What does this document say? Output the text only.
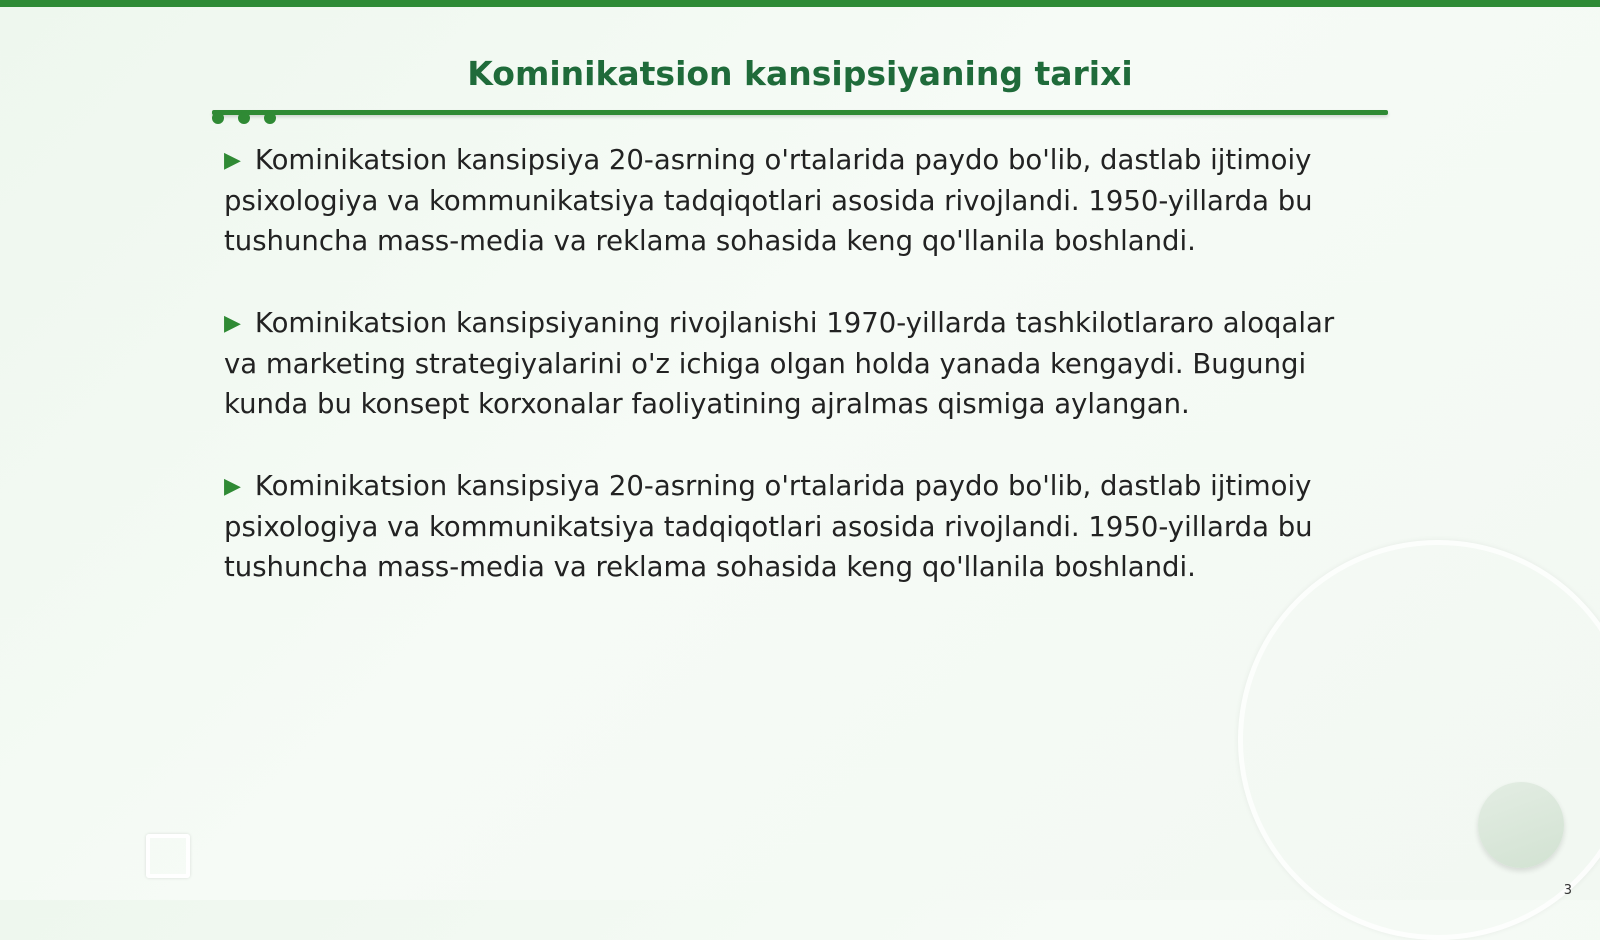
Kominikatsion kansipsiyaning tarixi

▶ Kominikatsion kansipsiya 20-asrning o'rtalarida paydo bo'lib, dastlab ijtimoiy psixologiya va kommunikatsiya tadqiqotlari asosida rivojlandi. 1950-yillarda bu tushuncha mass-media va reklama sohasida keng qo'llanila boshlandi.

▶ Kominikatsion kansipsiyaning rivojlanishi 1970-yillarda tashkilotlararo aloqalar va marketing strategiyalarini o'z ichiga olgan holda yanada kengaydi. Bugungi kunda bu konsept korxonalar faoliyatining ajralmas qismiga aylangan.

▶ Kominikatsion kansipsiya 20-asrning o'rtalarida paydo bo'lib, dastlab ijtimoiy psixologiya va kommunikatsiya tadqiqotlari asosida rivojlandi. 1950-yillarda bu tushuncha mass-media va reklama sohasida keng qo'llanila boshlandi.

3
